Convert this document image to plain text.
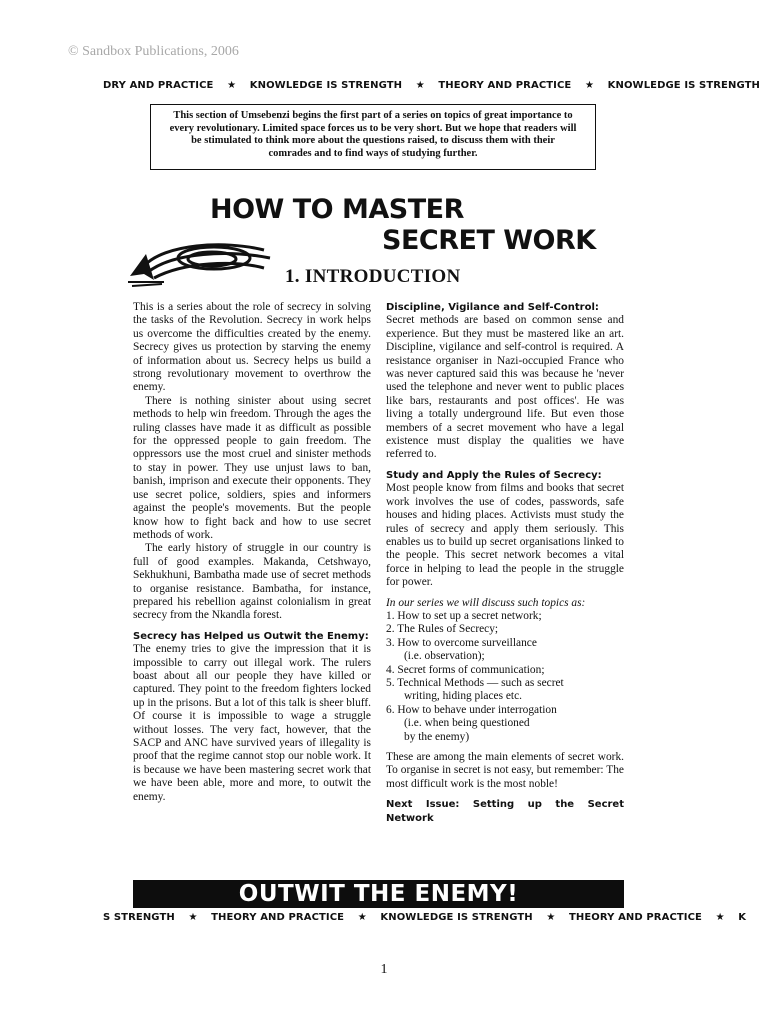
© Sandbox Publications, 2006
DRY AND PRACTICE ★ KNOWLEDGE IS STRENGTH ★ THEORY AND PRACTICE ★ KNOWLEDGE IS STRENGTH
This section of Umsebenzi begins the first part of a series on topics of great importance to every revolutionary. Limited space forces us to be very short. But we hope that readers will be stimulated to think more about the questions raised, to discuss them with their comrades and to find ways of studying further.
HOW TO MASTER
SECRET WORK
1. INTRODUCTION

This is a series about the role of secrecy in solving the tasks of the Revolution. Secrecy in work helps us overcome the difficulties created by the enemy. Secrecy gives us protection by starving the enemy of information about us. Secrecy helps us build a strong revolutionary movement to overthrow the enemy.

There is nothing sinister about using secret methods to help win freedom. Through the ages the ruling classes have made it as difficult as possible for the oppressed people to gain freedom. The oppressors use the most cruel and sinister methods to stay in power. They use unjust laws to ban, banish, imprison and execute their opponents. They use secret police, soldiers, spies and informers against the people's movements. But the people know how to fight back and how to use secret methods of work.

The early history of struggle in our country is full of good examples. Makanda, Cetshwayo, Sekhukhuni, Bambatha made use of secret methods to organise resistance. Bambatha, for instance, prepared his rebellion against colonialism in great secrecy from the Nkandla forest.

Secrecy has Helped us Outwit the Enemy:

The enemy tries to give the impression that it is impossible to carry out illegal work. The rulers boast about all our people they have killed or captured. They point to the freedom fighters locked up in the prisons. But a lot of this talk is sheer bluff. Of course it is impossible to wage a struggle without losses. The very fact, however, that the SACP and ANC have survived years of illegality is proof that the regime cannot stop our noble work. It is because we have been mastering secret work that we have been able, more and more, to outwit the enemy.

Discipline, Vigilance and Self-Control:

Secret methods are based on common sense and experience. But they must be mastered like an art. Discipline, vigilance and self-control is required. A resistance organiser in Nazi-occupied France who was never captured said this was because he 'never used the telephone and never went to public places like bars, restaurants and post offices'. He was living a totally underground life. But even those members of a secret movement who have a legal existence must display the qualities we have referred to.

Study and Apply the Rules of Secrecy:

Most people know from films and books that secret work involves the use of codes, passwords, safe houses and hiding places. Activists must study the rules of secrecy and apply them seriously. This enables us to build up secret organisations linked to the people. This secret network becomes a vital force in helping to lead the people in the struggle for power.

In our series we will discuss such topics as:

1. How to set up a secret network;
2. The Rules of Secrecy;
3. How to overcome surveillance
(i.e. observation);
4. Secret forms of communication;
5. Technical Methods — such as secret
writing, hiding places etc.
6. How to behave under interrogation
(i.e. when being questioned
by the enemy)

These are among the main elements of secret work. To organise in secret is not easy, but remember: The most difficult work is the most noble!

Next Issue: Setting up the Secret Network

OUTWIT THE ENEMY!
S STRENGTH ★ THEORY AND PRACTICE ★ KNOWLEDGE IS STRENGTH ★ THEORY AND PRACTICE ★ K
1
